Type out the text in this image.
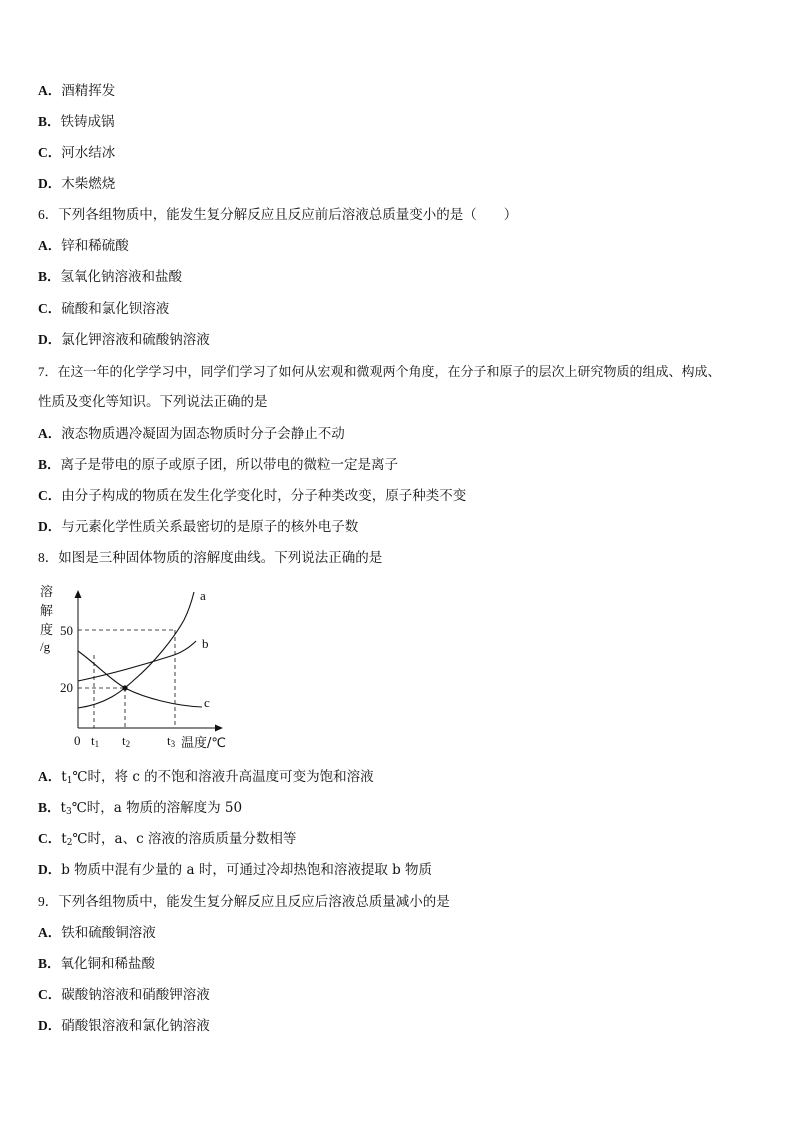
A．酒精挥发
B．铁铸成锅
C．河水结冰
D．木柴燃烧
6．下列各组物质中，能发生复分解反应且反应前后溶液总质量变小的是（　　）
A．锌和稀硫酸
B．氢氧化钠溶液和盐酸
C．硫酸和氯化钡溶液
D．氯化钾溶液和硫酸钠溶液
7．在这一年的化学学习中，同学们学习了如何从宏观和微观两个角度，在分子和原子的层次上研究物质的组成、构成、
性质及变化等知识。下列说法正确的是
A．液态物质遇冷凝固为固态物质时分子会静止不动
B．离子是带电的原子或原子团，所以带电的微粒一定是离子
C．由分子构成的物质在发生化学变化时，分子种类改变，原子种类不变
D．与元素化学性质关系最密切的是原子的核外电子数
8．如图是三种固体物质的溶解度曲线。下列说法正确的是
溶
解
度
/g
50
20
a
b
c
0 t1 t2	t3 温度/℃
A．$t_1℃$时，将 c 的不饱和溶液升高温度可变为饱和溶液
B．$t_3℃$时，a 物质的溶解度为 50
C．$t_2℃$时，a、c 溶液的溶质质量分数相等
D．b 物质中混有少量的 a 时，可通过冷却热饱和溶液提取 b 物质
9．下列各组物质中，能发生复分解反应且反应后溶液总质量减小的是
A．铁和硫酸铜溶液
B．氧化铜和稀盐酸
C．碳酸钠溶液和硝酸钾溶液
D．硝酸银溶液和氯化钠溶液
